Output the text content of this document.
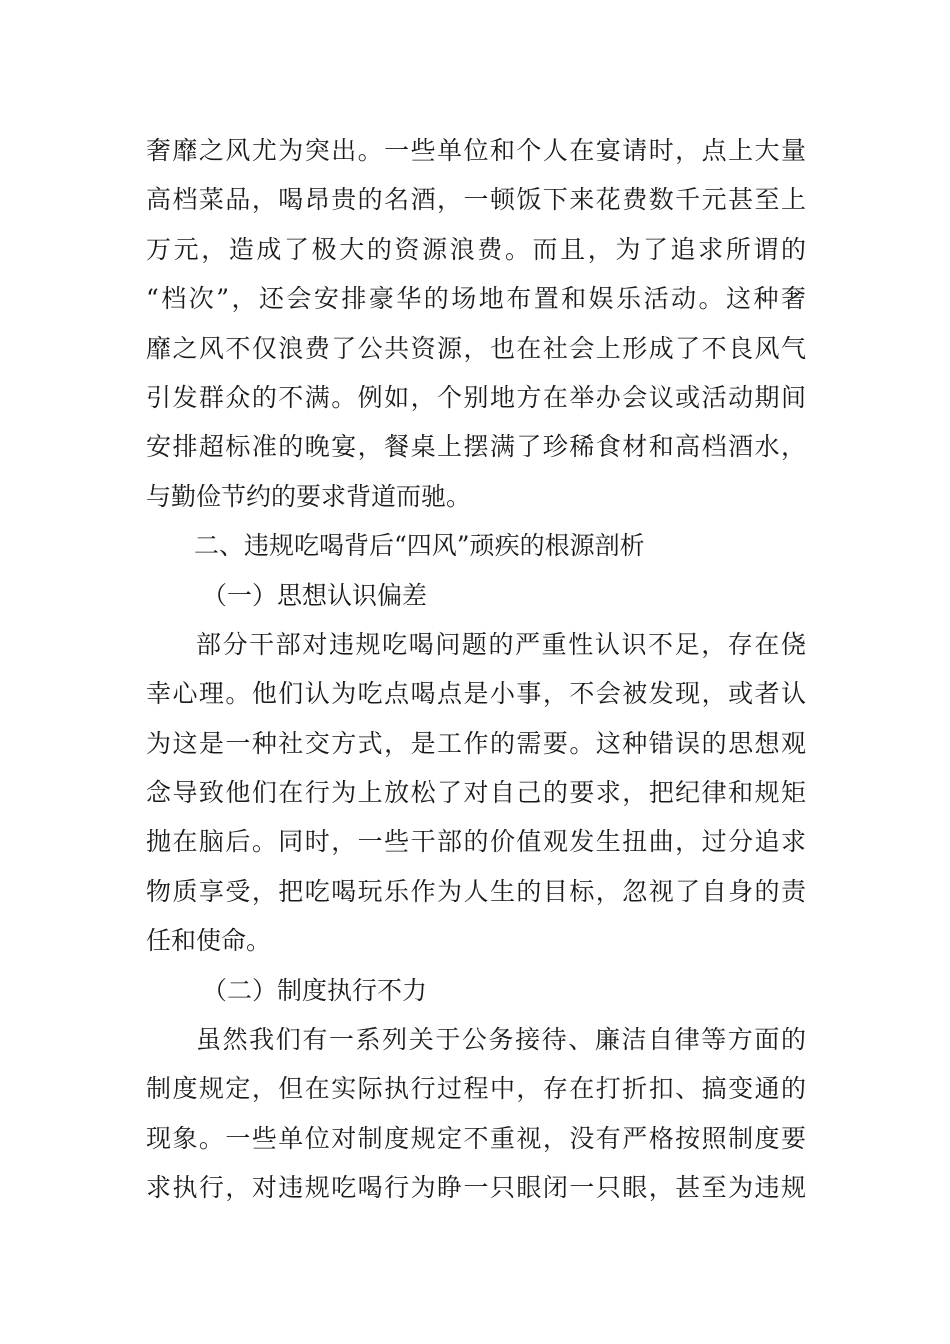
奢靡之风尤为突出。一些单位和个人在宴请时，点上大量
高档菜品，喝昂贵的名酒，一顿饭下来花费数千元甚至上
万元，造成了极大的资源浪费。而且，为了追求所谓的
“档次”，还会安排豪华的场地布置和娱乐活动。这种奢
靡之风不仅浪费了公共资源，也在社会上形成了不良风气
引发群众的不满。例如，个别地方在举办会议或活动期间
安排超标准的晚宴，餐桌上摆满了珍稀食材和高档酒水，
与勤俭节约的要求背道而驰。
二、违规吃喝背后“四风”顽疾的根源剖析
（一）思想认识偏差
部分干部对违规吃喝问题的严重性认识不足，存在侥
幸心理。他们认为吃点喝点是小事，不会被发现，或者认
为这是一种社交方式，是工作的需要。这种错误的思想观
念导致他们在行为上放松了对自己的要求，把纪律和规矩
抛在脑后。同时，一些干部的价值观发生扭曲，过分追求
物质享受，把吃喝玩乐作为人生的目标，忽视了自身的责
任和使命。
（二）制度执行不力
虽然我们有一系列关于公务接待、廉洁自律等方面的
制度规定，但在实际执行过程中，存在打折扣、搞变通的
现象。一些单位对制度规定不重视，没有严格按照制度要
求执行，对违规吃喝行为睁一只眼闭一只眼，甚至为违规
